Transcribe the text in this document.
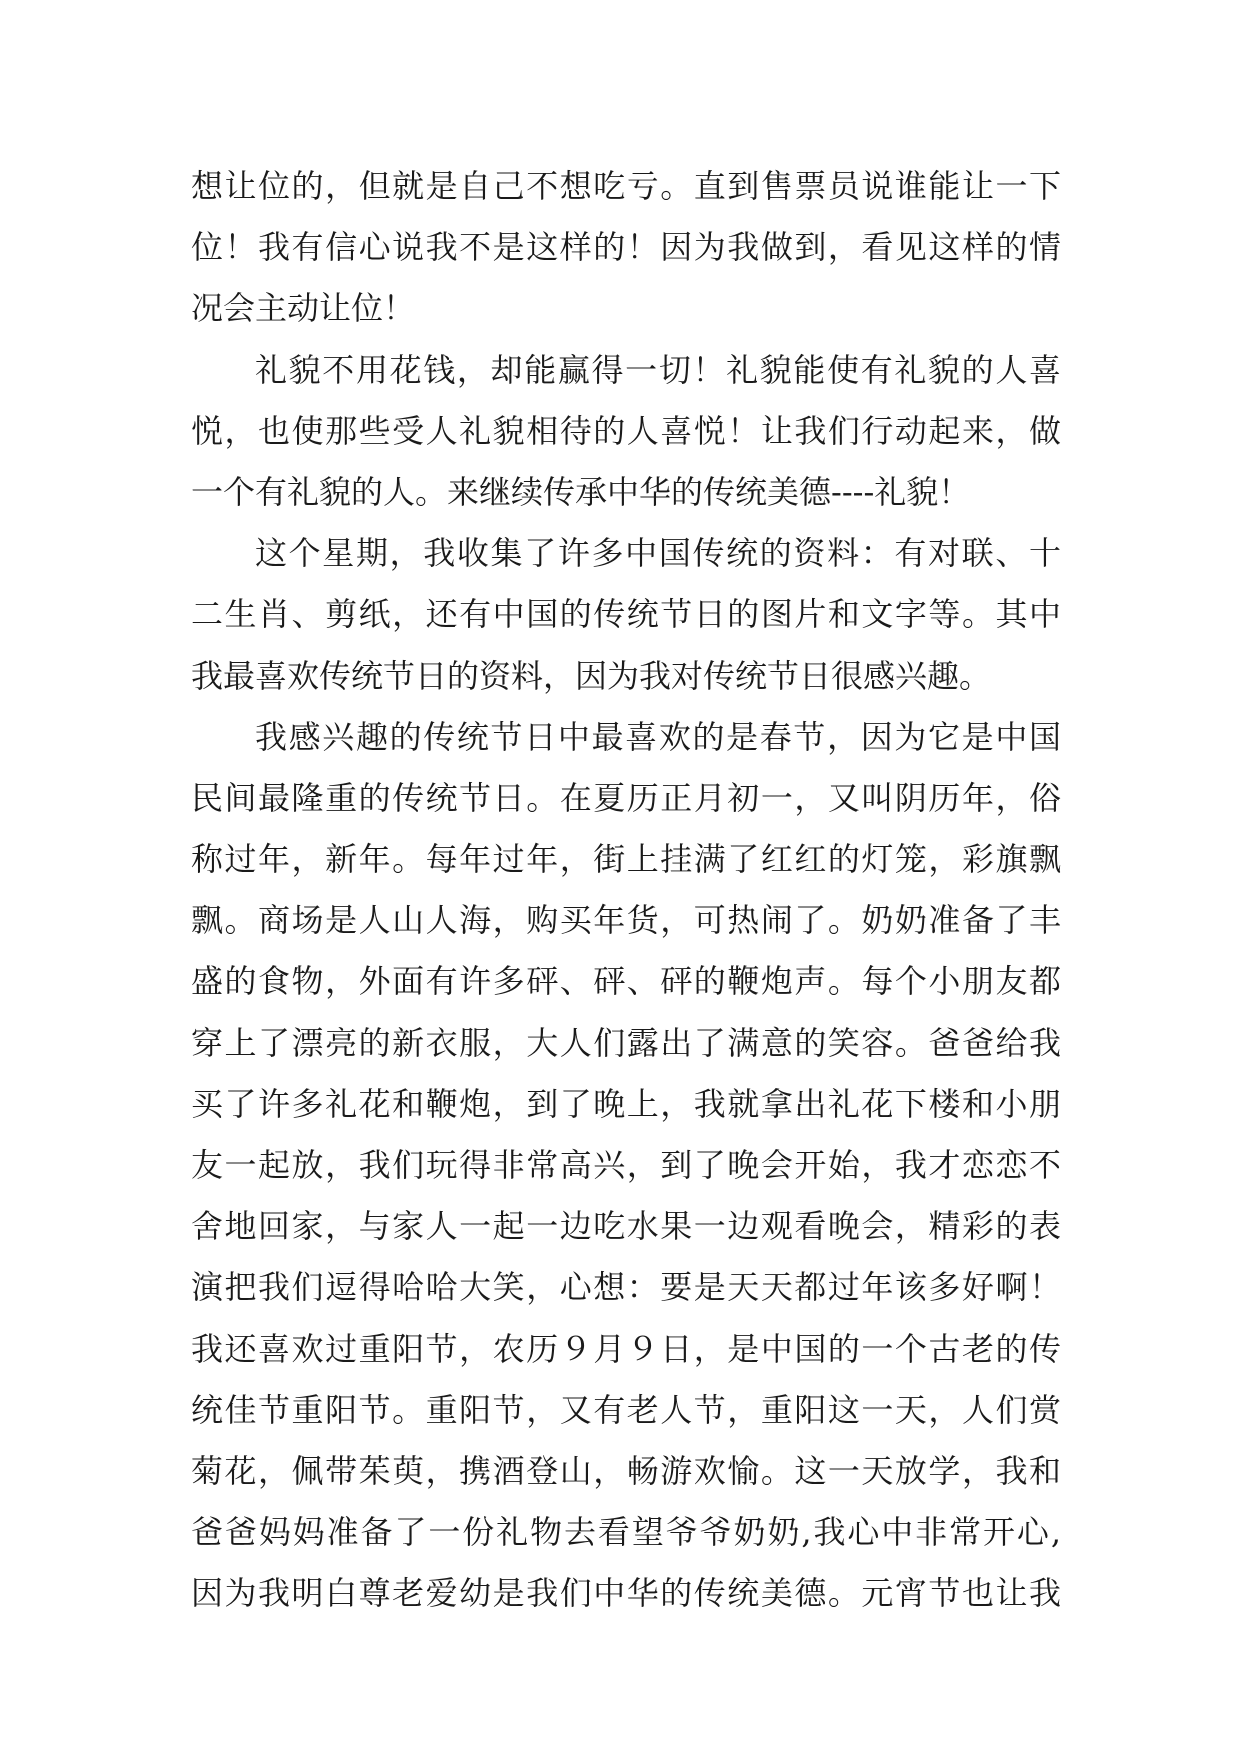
想让位的，但就是自己不想吃亏。直到售票员说谁能让一下
位！我有信心说我不是这样的！因为我做到，看见这样的情
况会主动让位！
礼貌不用花钱，却能赢得一切！礼貌能使有礼貌的人喜
悦，也使那些受人礼貌相待的人喜悦！让我们行动起来，做
一个有礼貌的人。来继续传承中华的传统美德----礼貌！
这个星期，我收集了许多中国传统的资料：有对联、十
二生肖、剪纸，还有中国的传统节日的图片和文字等。其中
我最喜欢传统节日的资料，因为我对传统节日很感兴趣。
我感兴趣的传统节日中最喜欢的是春节，因为它是中国
民间最隆重的传统节日。在夏历正月初一，又叫阴历年，俗
称过年，新年。每年过年，街上挂满了红红的灯笼，彩旗飘
飘。商场是人山人海，购买年货，可热闹了。奶奶准备了丰
盛的食物，外面有许多砰、砰、砰的鞭炮声。每个小朋友都
穿上了漂亮的新衣服，大人们露出了满意的笑容。爸爸给我
买了许多礼花和鞭炮，到了晚上，我就拿出礼花下楼和小朋
友一起放，我们玩得非常高兴，到了晚会开始，我才恋恋不
舍地回家，与家人一起一边吃水果一边观看晚会，精彩的表
演把我们逗得哈哈大笑，心想：要是天天都过年该多好啊！
我还喜欢过重阳节，农历９月９日，是中国的一个古老的传
统佳节重阳节。重阳节，又有老人节，重阳这一天，人们赏
菊花，佩带茱萸，携酒登山，畅游欢愉。这一天放学，我和
爸爸妈妈准备了一份礼物去看望爷爷奶奶,我心中非常开心,
因为我明白尊老爱幼是我们中华的传统美德。元宵节也让我
